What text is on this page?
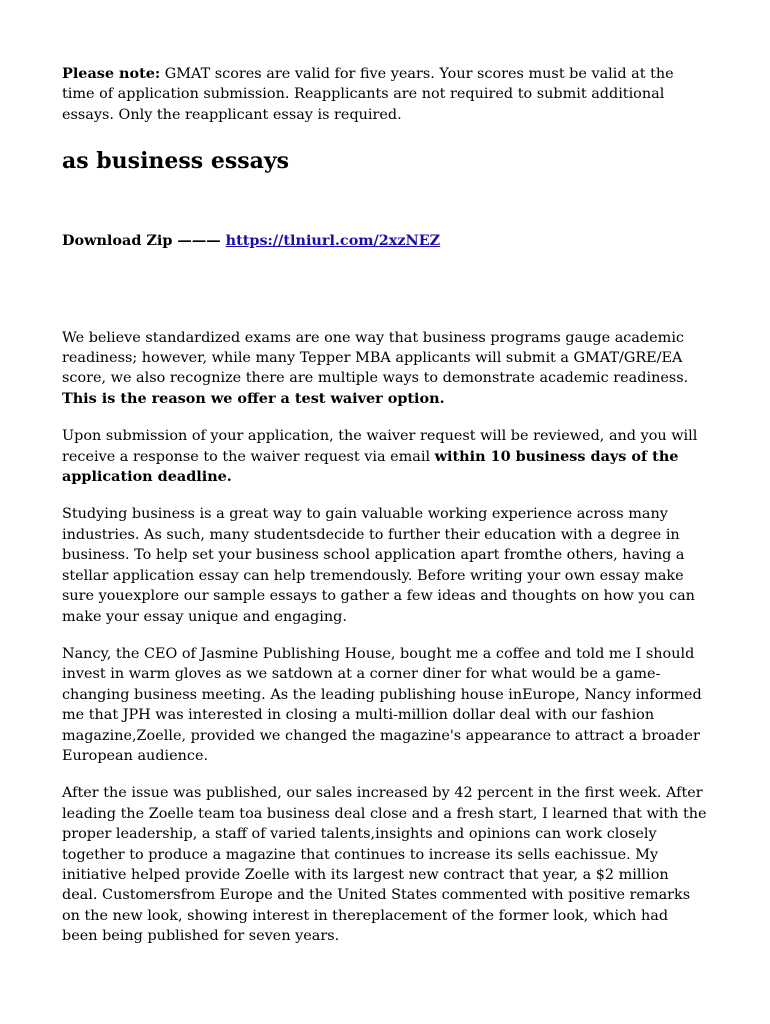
Please note: GMAT scores are valid for five years. Your scores must be valid at the time of application submission. Reapplicants are not required to submit additional essays. Only the reapplicant essay is required.

as business essays

Download Zip ——— https://tlniurl.com/2xzNEZ

We believe standardized exams are one way that business programs gauge academic readiness; however, while many Tepper MBA applicants will submit a GMAT/GRE/EA score, we also recognize there are multiple ways to demonstrate academic readiness. This is the reason we offer a test waiver option.

Upon submission of your application, the waiver request will be reviewed, and you will receive a response to the waiver request via email within 10 business days of the application deadline.

Studying business is a great way to gain valuable working experience across many industries. As such, many studentsdecide to further their education with a degree in business. To help set your business school application apart fromthe others, having a stellar application essay can help tremendously. Before writing your own essay make sure youexplore our sample essays to gather a few ideas and thoughts on how you can make your essay unique and engaging.

Nancy, the CEO of Jasmine Publishing House, bought me a coffee and told me I should invest in warm gloves as we satdown at a corner diner for what would be a game-changing business meeting. As the leading publishing house inEurope, Nancy informed me that JPH was interested in closing a multi-million dollar deal with our fashion magazine,Zoelle, provided we changed the magazine's appearance to attract a broader European audience.

After the issue was published, our sales increased by 42 percent in the first week. After leading the Zoelle team toa business deal close and a fresh start, I learned that with the proper leadership, a staff of varied talents,insights and opinions can work closely together to produce a magazine that continues to increase its sells eachissue. My initiative helped provide Zoelle with its largest new contract that year, a $2 million deal. Customersfrom Europe and the United States commented with positive remarks on the new look, showing interest in thereplacement of the former look, which had been being published for seven years.
